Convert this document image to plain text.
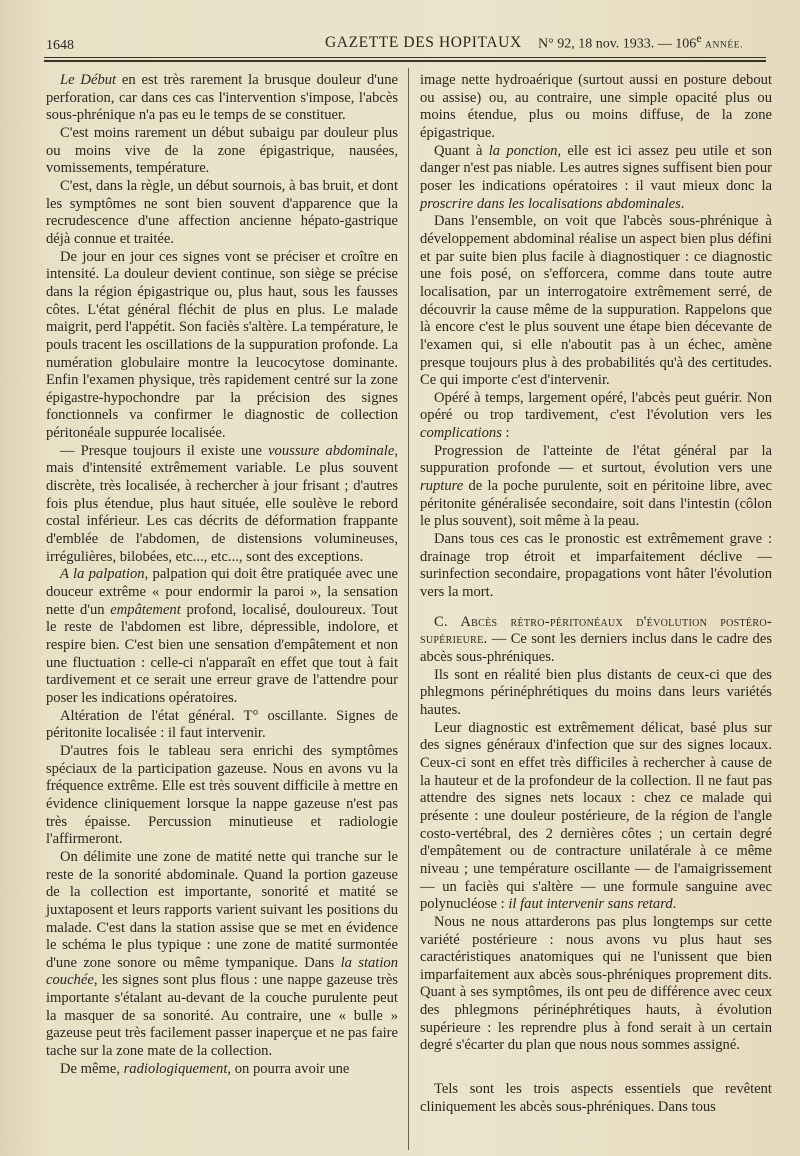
1648	GAZETTE DES HOPITAUX N° 92, 18 nov. 1933. — 106e ANNÉE.

Le Début en est très rarement la brusque douleur d'une perforation, car dans ces cas l'intervention s'impose, l'abcès sous-phrénique n'a pas eu le temps de se constituer.

C'est moins rarement un début subaigu par douleur plus ou moins vive de la zone épigastrique, nausées, vomissements, température.

C'est, dans la règle, un début sournois, à bas bruit, et dont les symptômes ne sont bien souvent d'apparence que la recrudescence d'une affection ancienne hépato-gastrique déjà connue et traitée.

De jour en jour ces signes vont se préciser et croître en intensité. La douleur devient continue, son siège se précise dans la région épigastrique ou, plus haut, sous les fausses côtes. L'état général fléchit de plus en plus. Le malade maigrit, perd l'appétit. Son faciès s'altère. La température, le pouls tracent les oscillations de la suppuration profonde. La numération globulaire montre la leucocytose dominante. Enfin l'examen physique, très rapidement centré sur la zone épigastre-hypochondre par la précision des signes fonctionnels va confirmer le diagnostic de collection péritonéale suppurée localisée.

— Presque toujours il existe une voussure abdominale, mais d'intensité extrêmement variable. Le plus souvent discrète, très localisée, à rechercher à jour frisant ; d'autres fois plus étendue, plus haut située, elle soulève le rebord costal inférieur. Les cas décrits de déformation frappante d'emblée de l'abdomen, de distensions volumineuses, irrégulières, bilobées, etc..., etc..., sont des exceptions.

A la palpation, palpation qui doit être pratiquée avec une douceur extrême « pour endormir la paroi », la sensation nette d'un empâtement profond, localisé, douloureux. Tout le reste de l'abdomen est libre, dépressible, indolore, et respire bien. C'est bien une sensation d'empâtement et non une fluctuation : celle-ci n'apparaît en effet que tout à fait tardivement et ce serait une erreur grave de l'attendre pour poser les indications opératoires.

Altération de l'état général. T° oscillante. Signes de péritonite localisée : il faut intervenir.

D'autres fois le tableau sera enrichi des symptômes spéciaux de la participation gazeuse. Nous en avons vu la fréquence extrême. Elle est très souvent difficile à mettre en évidence cliniquement lorsque la nappe gazeuse n'est pas très épaisse. Percussion minutieuse et radiologie l'affirmeront.

On délimite une zone de matité nette qui tranche sur le reste de la sonorité abdominale. Quand la portion gazeuse de la collection est importante, sonorité et matité se juxtaposent et leurs rapports varient suivant les positions du malade. C'est dans la station assise que se met en évidence le schéma le plus typique : une zone de matité surmontée d'une zone sonore ou même tympanique. Dans la station couchée, les signes sont plus flous : une nappe gazeuse très importante s'étalant au-devant de la couche purulente peut la masquer de sa sonorité. Au contraire, une « bulle » gazeuse peut très facilement passer inaperçue et ne pas faire tache sur la zone mate de la collection.

De même, radiologiquement, on pourra avoir une

image nette hydroaérique (surtout aussi en posture debout ou assise) ou, au contraire, une simple opacité plus ou moins étendue, plus ou moins diffuse, de la zone épigastrique.

Quant à la ponction, elle est ici assez peu utile et son danger n'est pas niable. Les autres signes suffisent bien pour poser les indications opératoires : il vaut mieux donc la proscrire dans les localisations abdominales.

Dans l'ensemble, on voit que l'abcès sous-phrénique à développement abdominal réalise un aspect bien plus défini et par suite bien plus facile à diagnostiquer : ce diagnostic une fois posé, on s'efforcera, comme dans toute autre localisation, par un interrogatoire extrêmement serré, de découvrir la cause même de la suppuration. Rappelons que là encore c'est le plus souvent une étape bien décevante de l'examen qui, si elle n'aboutit pas à un échec, amène presque toujours plus à des probabilités qu'à des certitudes. Ce qui importe c'est d'intervenir.

Opéré à temps, largement opéré, l'abcès peut guérir. Non opéré ou trop tardivement, c'est l'évolution vers les complications :

Progression de l'atteinte de l'état général par la suppuration profonde — et surtout, évolution vers une rupture de la poche purulente, soit en péritoine libre, avec péritonite généralisée secondaire, soit dans l'intestin (côlon le plus souvent), soit même à la peau.

Dans tous ces cas le pronostic est extrêmement grave : drainage trop étroit et imparfaitement déclive — surinfection secondaire, propagations vont hâter l'évolution vers la mort.

C. Abcès rétro-péritonéaux d'évolution postéro-supérieure. — Ce sont les derniers inclus dans le cadre des abcès sous-phréniques.

Ils sont en réalité bien plus distants de ceux-ci que des phlegmons périnéphrétiques du moins dans leurs variétés hautes.

Leur diagnostic est extrêmement délicat, basé plus sur des signes généraux d'infection que sur des signes locaux. Ceux-ci sont en effet très difficiles à rechercher à cause de la hauteur et de la profondeur de la collection. Il ne faut pas attendre des signes nets locaux : chez ce malade qui présente : une douleur postérieure, de la région de l'angle costo-vertébral, des 2 dernières côtes ; un certain degré d'empâtement ou de contracture unilatérale à ce même niveau ; une température oscillante — de l'amaigrissement — un faciès qui s'altère — une formule sanguine avec polynucléose : il faut intervenir sans retard.

Nous ne nous attarderons pas plus longtemps sur cette variété postérieure : nous avons vu plus haut ses caractéristiques anatomiques qui ne l'unissent que bien imparfaitement aux abcès sous-phréniques proprement dits. Quant à ses symptômes, ils ont peu de différence avec ceux des phlegmons périnéphrétiques hauts, à évolution supérieure : les reprendre plus à fond serait à un certain degré s'écarter du plan que nous nous sommes assigné.

Tels sont les trois aspects essentiels que revêtent cliniquement les abcès sous-phréniques. Dans tous
